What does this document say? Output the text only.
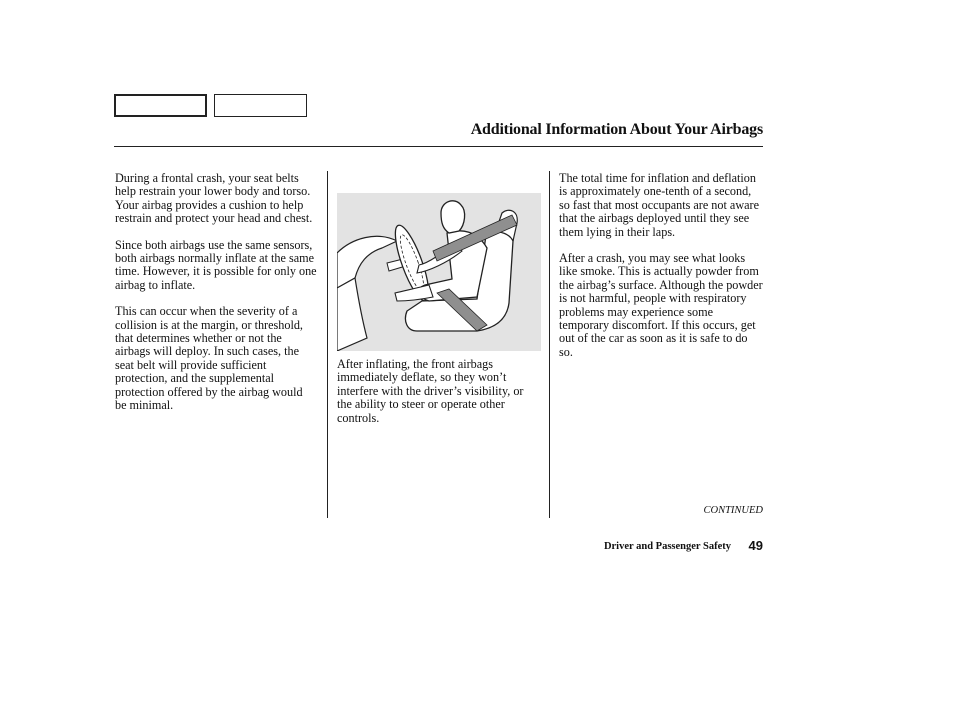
Additional Information About Your Airbags

During a frontal crash, your seat belts help restrain your lower body and torso. Your airbag provides a cushion to help restrain and protect your head and chest.

Since both airbags use the same sensors, both airbags normally inflate at the same time. However, it is possible for only one airbag to inflate.

This can occur when the severity of a collision is at the margin, or threshold, that determines whether or not the airbags will deploy. In such cases, the seat belt will provide sufficient protection, and the supplemental protection offered by the airbag would be minimal.

After inflating, the front airbags immediately deflate, so they won’t interfere with the driver’s visibility, or the ability to steer or operate other controls.

The total time for inflation and deflation is approximately one-tenth of a second, so fast that most occupants are not aware that the airbags deployed until they see them lying in their laps.

After a crash, you may see what looks like smoke. This is actually powder from the airbag’s surface. Although the powder is not harmful, people with respiratory problems may experience some temporary discomfort. If this occurs, get out of the car as soon as it is safe to do so.

CONTINUED
Driver and Passenger Safety 49
